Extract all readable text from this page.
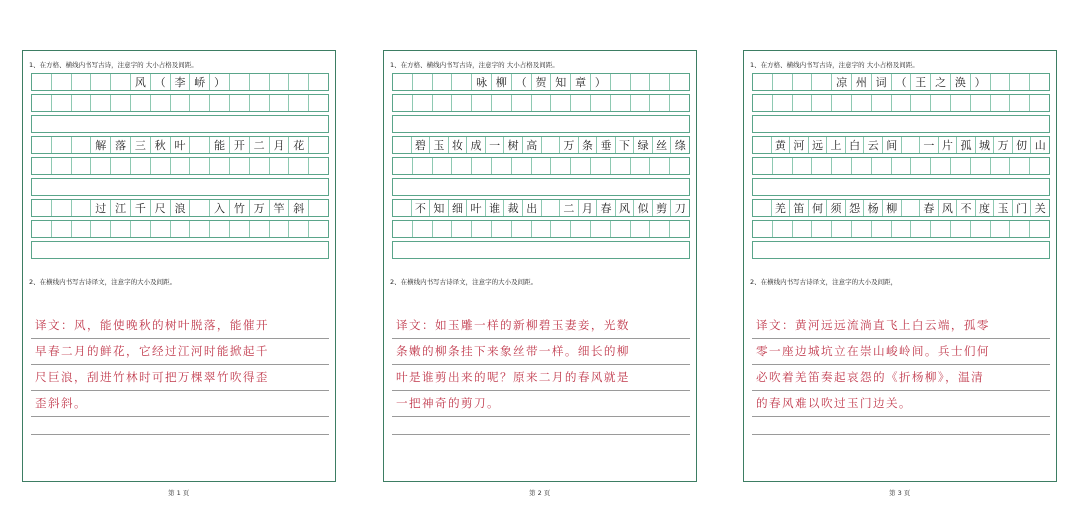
1、在方格、横线内书写古诗，注意字的 大小占格及间距。
风 （ 李 峤 ）
解 落 三 秋 叶	能 开 二 月 花
过 江 千 尺 浪	入 竹 万 竿 斜
2、在横线内书写古诗译文，注意字的大小及间距。
译文：风，能使晚秋的树叶脱落，能催开
早春二月的鲜花，它经过江河时能掀起千
尺巨浪，刮进竹林时可把万棵翠竹吹得歪
歪斜斜。
第 1 页
1、在方格、横线内书写古诗，注意字的 大小占格及间距。
咏 柳 （ 贺 知 章 ）
碧 玉 妆 成 一 树 高	万 条 垂 下 绿 丝 绦
不 知 细 叶 谁 裁 出	二 月 春 风 似 剪 刀
2、在横线内书写古诗译文，注意字的大小及间距。
译文：如玉雕一样的新柳碧玉妻妾，光数
条嫩的柳条挂下来象丝带一样。细长的柳
叶是谁剪出来的呢？原来二月的春风就是
一把神奇的剪刀。
第 2 页
1、在方格、横线内书写古诗，注意字的 大小占格及间距。
凉 州 词 （ 王 之 涣 ）
黄 河 远 上 白 云 间	一 片 孤 城 万 仞 山
羌 笛 何 须 怨 杨 柳	春 风 不 度 玉 门 关
2、在横线内书写古诗译文，注意字的大小及间距，
译文：黄河远远流淌直飞上白云端，孤零
零一座边城坑立在崇山峻岭间。兵士们何
必吹着羌笛奏起哀怨的《折杨柳》，温清
的春风难以吹过玉门边关。
第 3 页
